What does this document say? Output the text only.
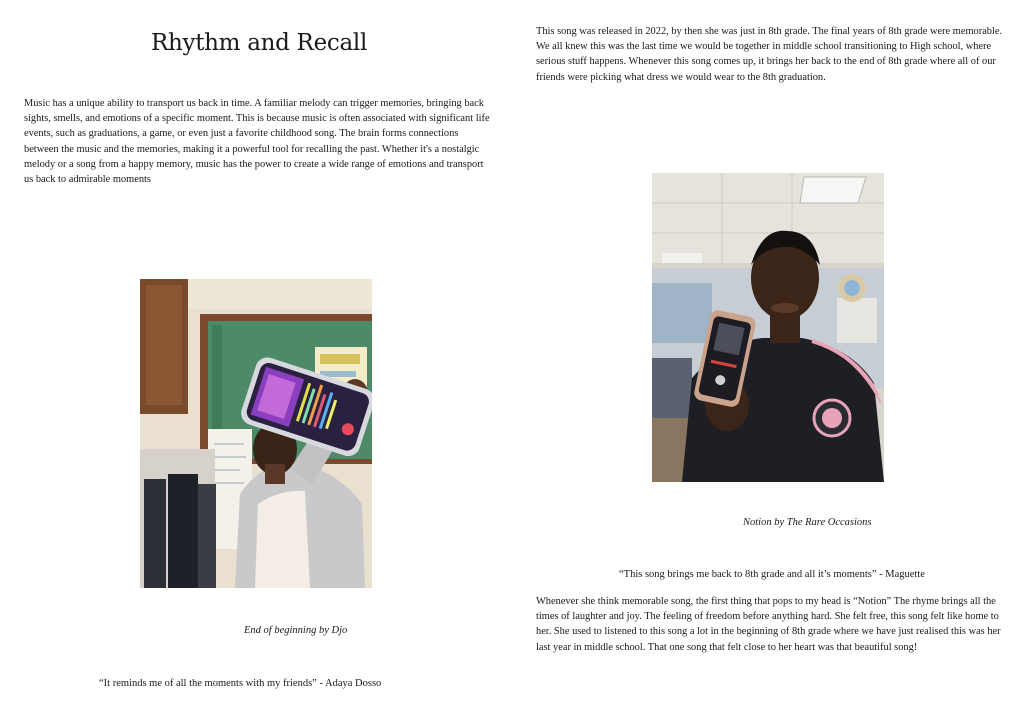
Rhythm and Recall
Music has a unique ability to transport us back in time. A familiar melody can trigger memories, bringing back sights, smells, and emotions of a specific moment. This is because music is often associated with significant life events, such as graduations, a game, or even just a favorite childhood song. The brain forms connections between the music and the memories, making it a powerful tool for recalling the past. Whether it's a nostalgic melody or a song from a happy memory, music has the power to create a wide range of emotions and transport us back to admirable moments
End of beginning by Djo
“It reminds me of all the moments with my friends” - Adaya Dosso
This song was released in 2022, by then she was just in 8th grade. The final years of 8th grade were memorable. We all knew this was the last time we would be together in middle school transitioning to High school, where serious stuff happens. Whenever this song comes up, it brings her back to the end of 8th grade where all of our friends were picking what dress we would wear to the 8th graduation.
Notion by The Rare Occasions
“This song brings me back to 8th grade and all it’s moments” - Maguette
Whenever she think memorable song, the first thing that pops to my head is “Notion” The rhyme brings all the times of laughter and joy. The feeling of freedom before anything hard. She felt free, this song felt like home to her. She used to listened to this song a lot in the beginning of 8th grade where we have just realised this was her last year in middle school. That one song that felt close to her heart was that beautiful song!
